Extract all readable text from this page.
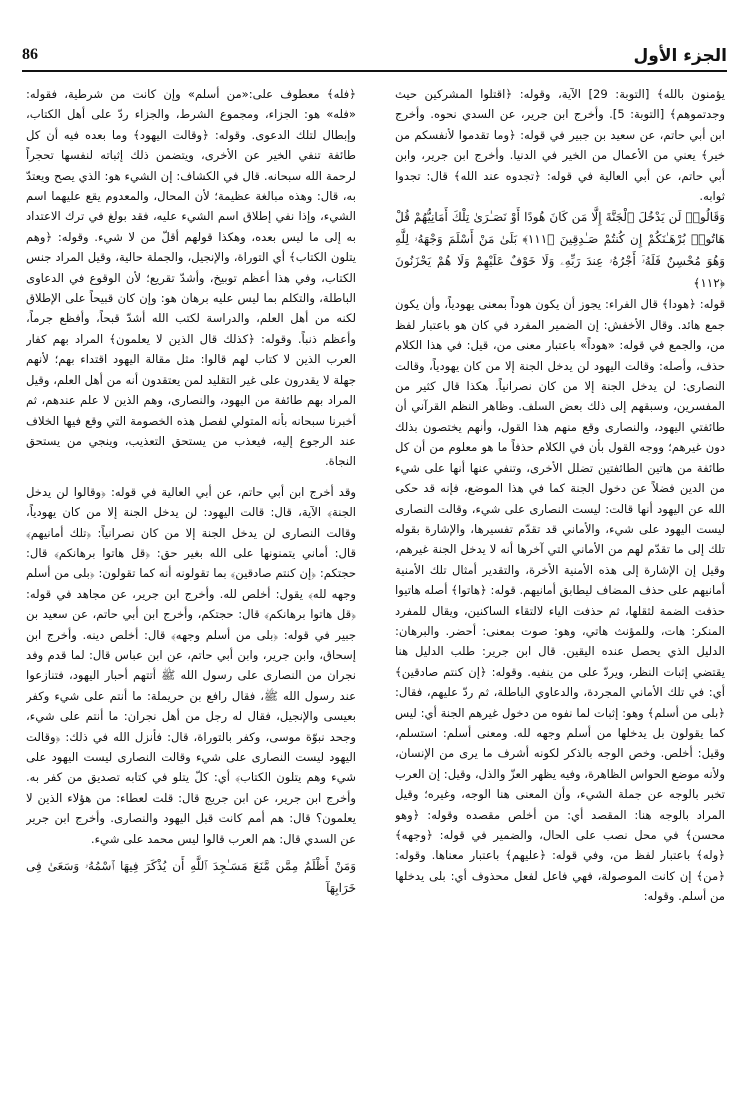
الجزء الأول
86

يؤمنون بالله﴾ [التوبة: 29] الآية، وقوله: ﴿اقتلوا المشركين حيث وجدتموهم﴾ [التوبة: 5]. وأخرج ابن جرير، عن السدي نحوه. وأخرج ابن أبي حاتم، عن سعيد بن جبير في قوله: ﴿وما تقدموا لأنفسكم من خير﴾ يعني من الأعمال من الخير في الدنيا. وأخرج ابن جرير، وابن أبي حاتم، عن أبي العالية في قوله: ﴿تجدوه عند الله﴾ قال: تجدوا ثوابه.

وَقَالُوا۟ لَن يَدْخُلَ ٱلْجَنَّةَ إِلَّا مَن كَانَ هُودًا أَوْ نَصَـٰرَىٰ تِلْكَ أَمَانِيُّهُمْ قُلْ هَاتُوا۟ بُرْهَـٰنَكُمْ إِن كُنتُمْ صَـٰدِقِينَ ﴿١١١﴾ بَلَىٰ مَنْ أَسْلَمَ وَجْهَهُۥ لِلَّهِ وَهُوَ مُحْسِنٌ فَلَهُۥٓ أَجْرُهُۥ عِندَ رَبِّهِۦ وَلَا خَوْفٌ عَلَيْهِمْ وَلَا هُمْ يَحْزَنُونَ ﴿١١٢﴾

قوله: ﴿هودا﴾ قال الفراء: يجوز أن يكون هوداً بمعنى يهودياً، وأن يكون جمع هائد. وقال الأخفش: إن الضمير المفرد في كان هو باعتبار لفظ من، والجمع في قوله: «هوداً» باعتبار معنى من، قيل: في هذا الكلام حذف، وأصله: وقالت اليهود لن يدخل الجنة إلا من كان يهودياً، وقالت النصارى: لن يدخل الجنة إلا من كان نصرانياً. هكذا قال كثير من المفسرين، وسبقهم إلى ذلك بعض السلف. وظاهر النظم القرآني أن طائفتي اليهود، والنصارى وقع منهم هذا القول، وأنهم يختصون بذلك دون غيرهم؛ ووجه القول بأن في الكلام حذفاً ما هو معلوم من أن كل طائفة من هاتين الطائفتين تضلل الأخرى، وتنفي عنها أنها على شيء من الدين فضلاً عن دخول الجنة كما في هذا الموضع، فإنه قد حكى الله عن اليهود أنها قالت: ليست النصارى على شيء، وقالت النصارى ليست اليهود على شيء، والأماني قد تقدّم تفسيرها، والإشارة بقوله تلك إلى ما تقدّم لهم من الأماني التي آخرها أنه لا يدخل الجنة غيرهم، وقيل إن الإشارة إلى هذه الأمنية الأخرة، والتقدير أمثال تلك الأمنية أمانيهم على حذف المضاف ليطابق أمانيهم. قوله: ﴿هاتوا﴾ أصله هاتيوا حذفت الضمة لثقلها، ثم حذفت الياء لالتقاء الساكنين، ويقال للمفرد المنكر: هات، وللمؤنث هاتي، وهو: صوت بمعنى: أحضر. والبرهان: الدليل الذي يحصل عنده اليقين. قال ابن جرير: طلب الدليل هنا يقتضي إثبات النظر، ويردّ على من ينفيه. وقوله: ﴿إن كنتم صادقين﴾ أي: في تلك الأماني المجردة، والدعاوي الباطلة، ثم ردّ عليهم، فقال: ﴿بلى من أسلم﴾ وهو: إثبات لما نفوه من دخول غيرهم الجنة أي: ليس كما يقولون بل يدخلها من أسلم وجهه لله. ومعنى أسلم: استسلم، وقيل: أخلص. وخص الوجه بالذكر لكونه أشرف ما يرى من الإنسان، ولأنه موضع الحواس الظاهرة، وفيه يظهر العزّ والذل، وقيل: إن العرب تخبر بالوجه عن جملة الشيء، وأن المعنى هنا الوجه، وغيره؛ وقيل المراد بالوجه هنا: المقصد أي: من أخلص مقصده وقوله: ﴿وهو محسن﴾ في محل نصب على الحال، والضمير في قوله: ﴿وجهه﴾ ﴿وله﴾ باعتبار لفظ من، وفي قوله: ﴿عليهم﴾ باعتبار معناها. وقوله: ﴿من﴾ إن كانت الموصولة، فهي فاعل لفعل محذوف أي: بلى يدخلها من أسلم. وقوله:

﴿فله﴾ معطوف على:«من أسلم» وإن كانت من شرطية، فقوله: «فله» هو: الجزاء، ومجموع الشرط، والجزاء ردّ على أهل الكتاب، وإبطال لتلك الدعوى. وقوله: ﴿وقالت اليهود﴾ وما بعده فيه أن كل طائفة تنفي الخير عن الأخرى، ويتضمن ذلك إثباته لنفسها تحجراً لرحمة الله سبحانه. قال في الكشاف: إن الشيء هو: الذي يصح ويعتدّ به، قال: وهذه مبالغة عظيمة؛ لأن المحال، والمعدوم يقع عليهما اسم الشيء، وإذا نفي إطلاق اسم الشيء عليه، فقد بولغ في ترك الاعتداد به إلى ما ليس بعده، وهكذا قولهم أقلّ من لا شيء. وقوله: ﴿وهم يتلون الكتاب﴾ أي التوراة، والإنجيل، والجملة حالية، وقيل المراد جنس الكتاب، وفي هذا أعظم توبيخ، وأشدّ تقريع؛ لأن الوقوع في الدعاوى الباطلة، والتكلم بما ليس عليه برهان هو: وإن كان قبيحاً على الإطلاق لكنه من أهل العلم، والدراسة لكتب الله أشدّ قبحاً، وأفظع جرماً، وأعظم ذنباً. وقوله: ﴿كذلك قال الذين لا يعلمون﴾ المراد بهم كفار العرب الذين لا كتاب لهم قالوا: مثل مقالة اليهود اقتداء بهم؛ لأنهم جهلة لا يقدرون على غير التقليد لمن يعتقدون أنه من أهل العلم، وقيل المراد بهم طائفة من اليهود، والنصارى، وهم الذين لا علم عندهم، ثم أخبرنا سبحانه بأنه المتولي لفصل هذه الخصومة التي وقع فيها الخلاف عند الرجوع إليه، فيعذب من يستحق التعذيب، وينجي من يستحق النجاة.

وقد أخرج ابن أبي حاتم، عن أبي العالية في قوله: ﴿وقالوا لن يدخل الجنة﴾ الآية، قال: قالت اليهود: لن يدخل الجنة إلا من كان يهودياً، وقالت النصارى لن يدخل الجنة إلا من كان نصرانياً: ﴿تلك أمانيهم﴾ قال: أماني يتمنونها على الله بغير حق: ﴿قل هاتوا برهانكم﴾ قال: حجتكم: ﴿إن كنتم صادقين﴾ بما تقولونه أنه كما تقولون: ﴿بلى من أسلم وجهه لله﴾ يقول: أخلص لله. وأخرج ابن جرير، عن مجاهد في قوله: ﴿قل هاتوا برهانكم﴾ قال: حجتكم، وأخرج ابن أبي حاتم، عن سعيد بن جبير في قوله: ﴿بلى من أسلم وجهه﴾ قال: أخلص دينه. وأخرج ابن إسحاق، وابن جرير، وابن أبي حاتم، عن ابن عباس قال: لما قدم وفد نجران من النصارى على رسول الله ﷺ أتتهم أحبار اليهود، فتنازعوا عند رسول الله ﷺ، فقال رافع بن حريملة: ما أنتم على شيء وكفر بعيسى والإنجيل، فقال له رجل من أهل نجران: ما أنتم على شيء، وجحد نبوّة موسى، وكفر بالتوراة، قال: فأنزل الله في ذلك: ﴿وقالت اليهود ليست النصارى على شيء وقالت النصارى ليست اليهود على شيء وهم يتلون الكتاب﴾ أي: كلّ يتلو في كتابه تصديق من كفر به. وأخرج ابن جرير، عن ابن جريج قال: قلت لعطاء: من هؤلاء الذين لا يعلمون؟ قال: هم أمم كانت قبل اليهود والنصارى. وأخرج ابن جرير عن السدي قال: هم العرب قالوا ليس محمد على شيء.

وَمَنْ أَظْلَمُ مِمَّن مَّنَعَ مَسَـٰجِدَ ٱللَّهِ أَن يُذْكَرَ فِيهَا ٱسْمُهُۥ وَسَعَىٰ فِى خَرَابِهَآ
